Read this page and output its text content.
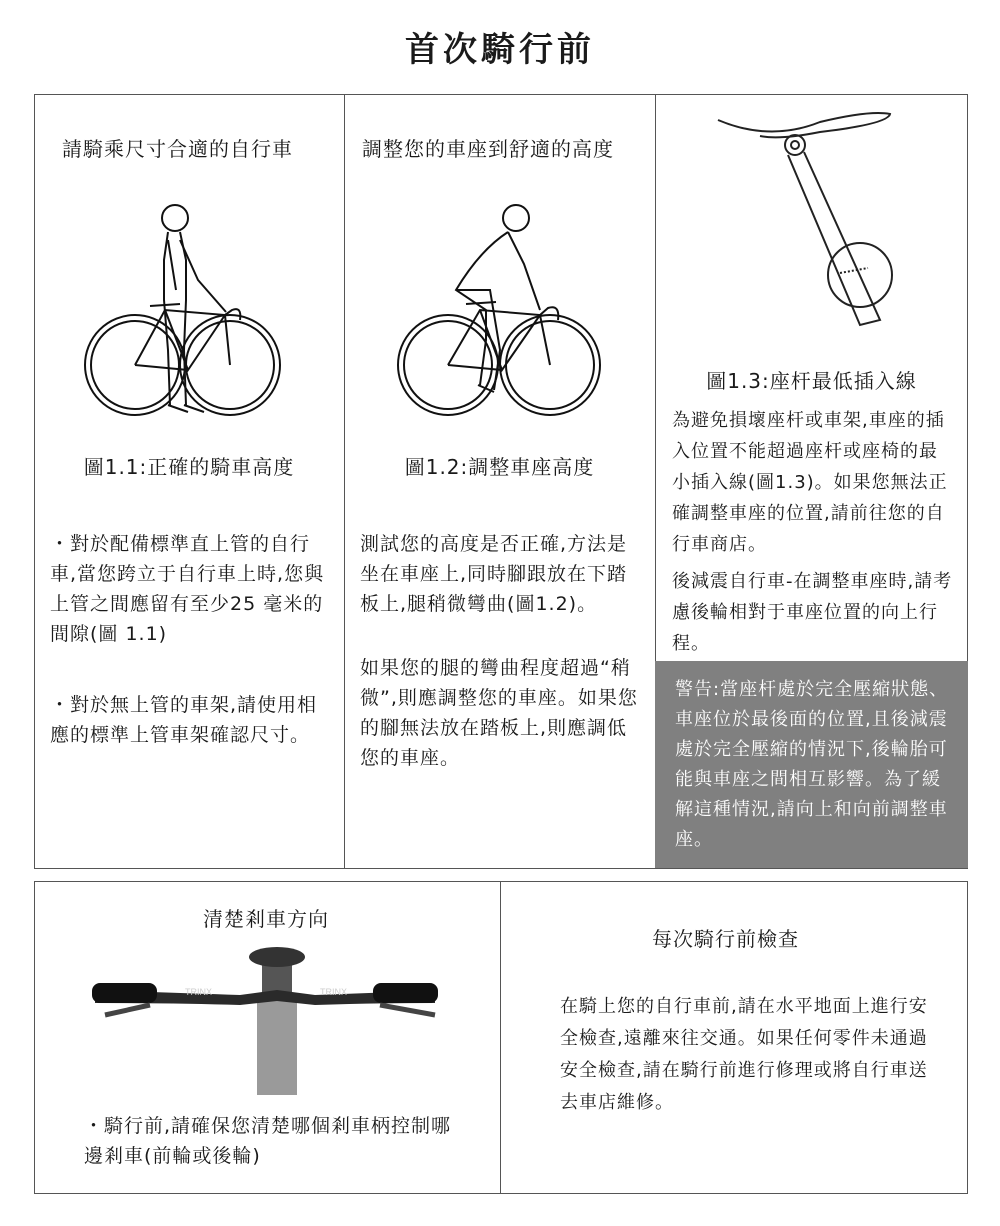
首次騎行前
請騎乘尺寸合適的自行車
圖1.1:正確的騎車高度
・對於配備標準直上管的自行車,當您跨立于自行車上時,您與上管之間應留有至少25 毫米的間隙(圖 1.1)
・對於無上管的車架,請使用相應的標準上管車架確認尺寸。
調整您的車座到舒適的高度
圖1.2:調整車座高度
測試您的高度是否正確,方法是坐在車座上,同時腳跟放在下踏板上,腿稍微彎曲(圖1.2)。
如果您的腿的彎曲程度超過“稍微”,則應調整您的車座。如果您的腳無法放在踏板上,則應調低您的車座。
圖1.3:座杆最低插入線
為避免損壞座杆或車架,車座的插入位置不能超過座杆或座椅的最小插入線(圖1.3)。如果您無法正確調整車座的位置,請前往您的自行車商店。
後減震自行車-在調整車座時,請考慮後輪相對于車座位置的向上行程。
警告:當座杆處於完全壓縮狀態、車座位於最後面的位置,且後減震處於完全壓縮的情況下,後輪胎可能與車座之間相互影響。為了緩解這種情況,請向上和向前調整車座。
清楚剎車方向
TRINX	TRINX
・騎行前,請確保您清楚哪個剎車柄控制哪邊剎車(前輪或後輪)
每次騎行前檢查
在騎上您的自行車前,請在水平地面上進行安全檢查,遠離來往交通。如果任何零件未通過安全檢查,請在騎行前進行修理或將自行車送去車店維修。
